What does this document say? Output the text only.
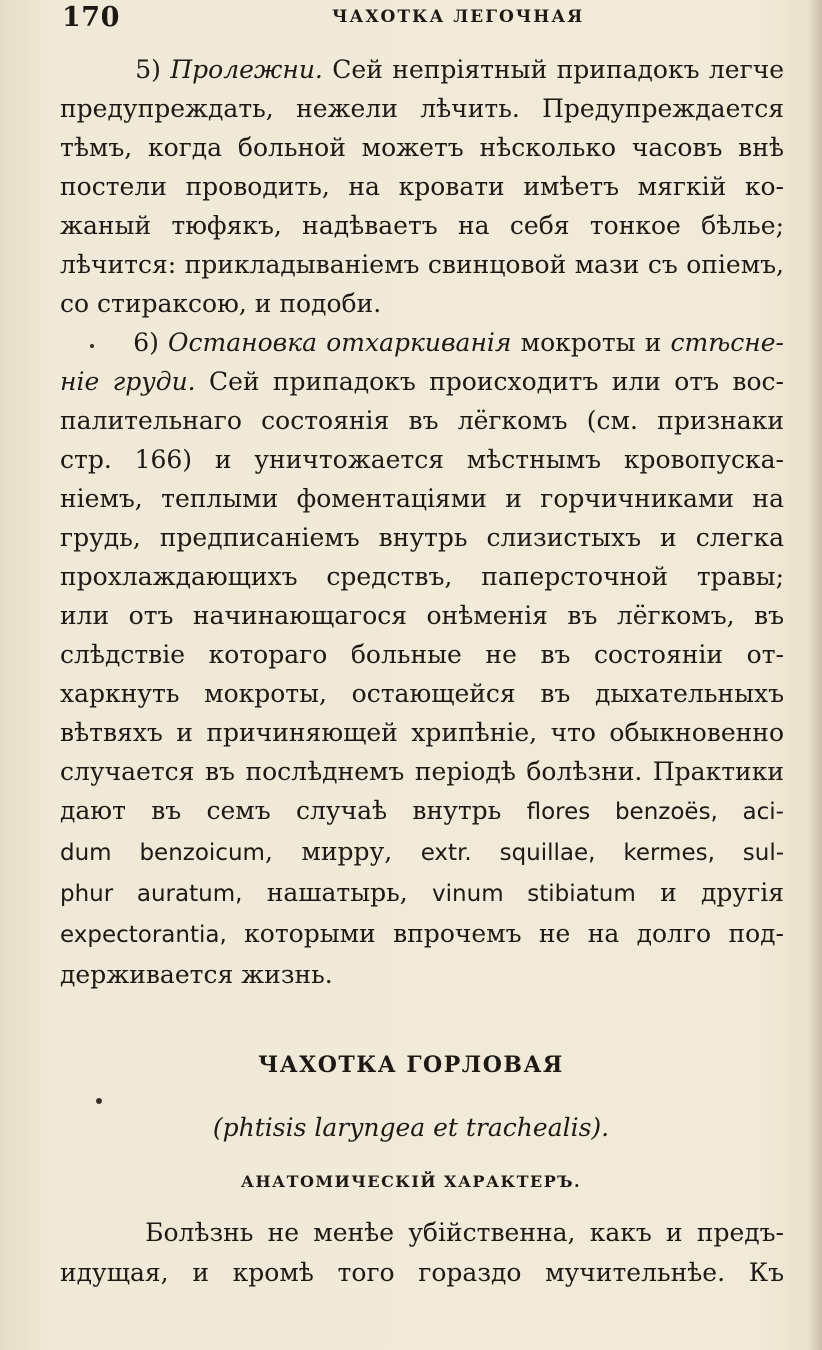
170	ЧАХОТКА ЛЕГОЧНАЯ
5) Пролежни. Сей непріятный припадокъ легче
предупреждать, нежели лѣчить. Предупреждается
тѣмъ, когда больной можетъ нѣсколько часовъ внѣ
постели проводить, на кровати имѣетъ мягкій ко-
жаный тюфякъ, надѣваетъ на себя тонкое бѣлье;
лѣчится: прикладываніемъ свинцовой мази съ опіемъ,
со стираксою, и подоби.
6) Остановка отхаркиванія мокроты и стѣсне-
ніе груди. Сей припадокъ происходитъ или отъ вос-
палительнаго состоянія въ лёгкомъ (см. признаки
стр. 166) и уничтожается мѣстнымъ кровопуска-
ніемъ, теплыми фоментаціями и горчичниками на
грудь, предписаніемъ внутрь слизистыхъ и слегка
прохлаждающихъ средствъ, паперсточной травы;
или отъ начинающагося онѣменія въ лёгкомъ, въ
слѣдствіе котораго больные не въ состояніи от-
харкнуть мокроты, остающейся въ дыхательныхъ
вѣтвяхъ и причиняющей хрипѣніе, что обыкновенно
случается въ послѣднемъ періодѣ болѣзни. Практики
дают въ семъ случаѣ внутрь flores benzoës, aci-
dum benzoicum, мирру, extr. squillae, kermes, sul-
phur auratum, нашатырь, vinum stibiatum и другія
expectorantia, которыми впрочемъ не на долго под-
держивается жизнь.
ЧАХОТКА ГОРЛОВАЯ
(phtisis laryngea et trachealis).
АНАТОМИЧЕСКІЙ ХАРАКТЕРЪ.
Болѣзнь не менѣе убійственна, какъ и предъ-
идущая, и кромѣ того гораздо мучительнѣе. Къ
